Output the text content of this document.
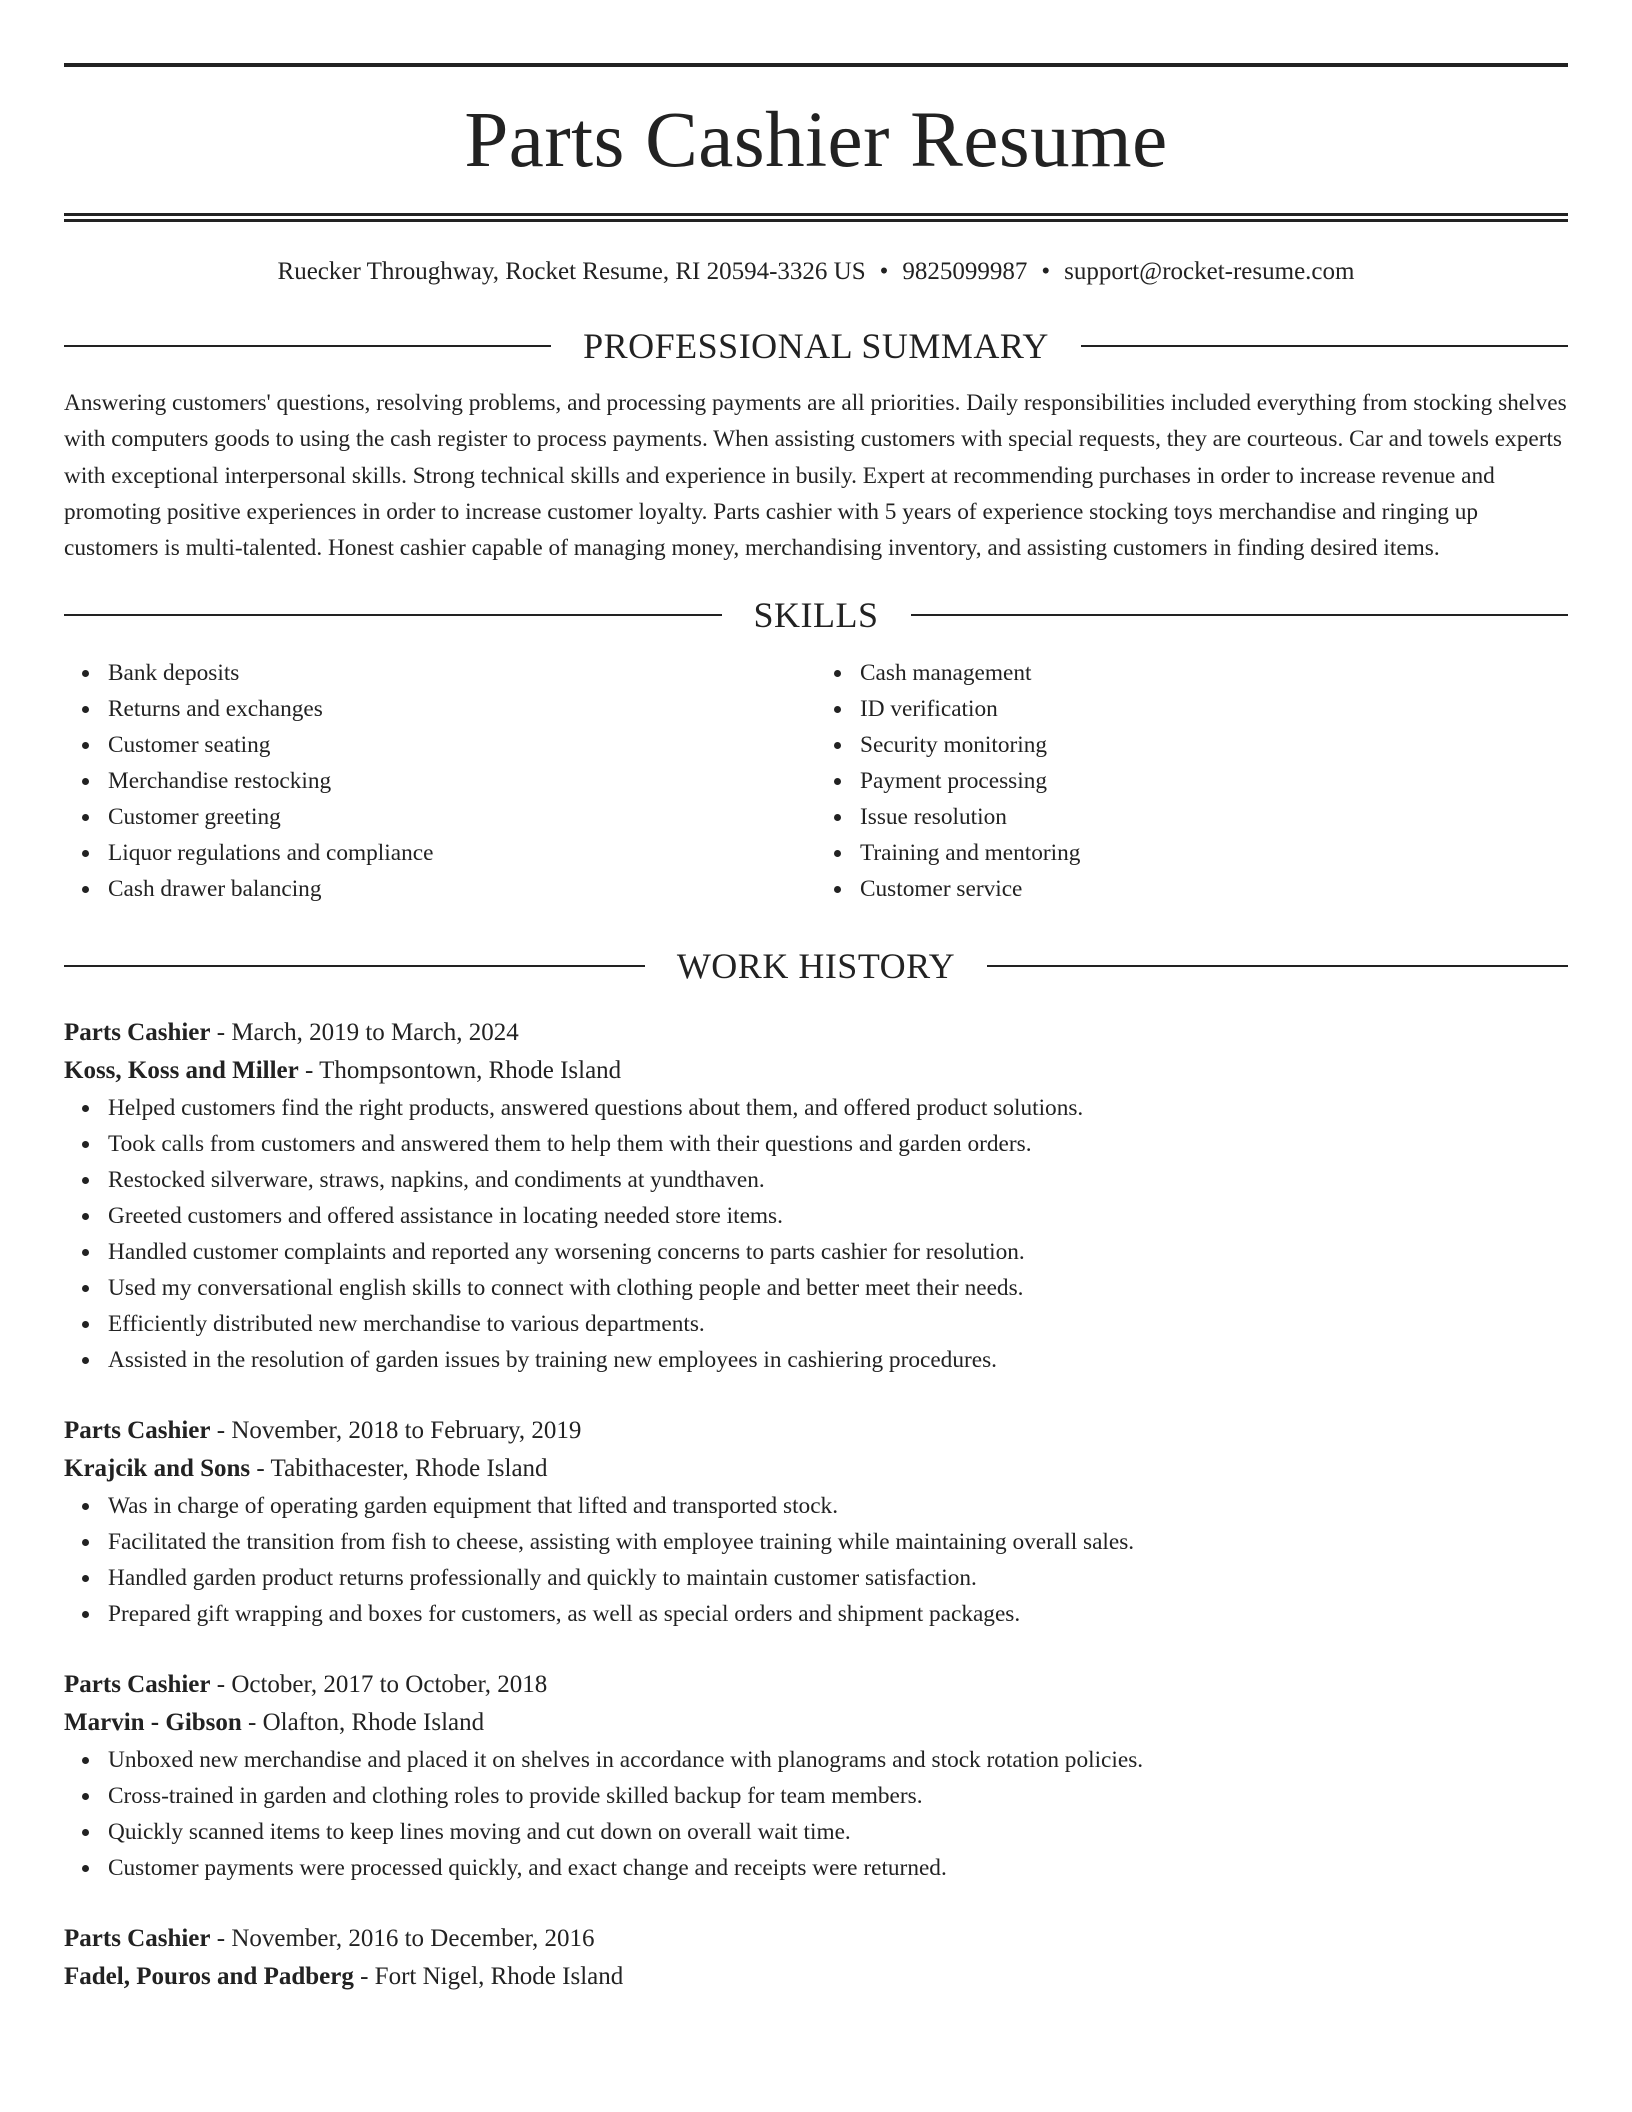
Parts Cashier Resume
Ruecker Throughway, Rocket Resume, RI 20594-3326 US • 9825099987 • support@rocket-resume.com
PROFESSIONAL SUMMARY

Answering customers' questions, resolving problems, and processing payments are all priorities. Daily responsibilities included everything from stocking shelves with computers goods to using the cash register to process payments. When assisting customers with special requests, they are courteous. Car and towels experts with exceptional interpersonal skills. Strong technical skills and experience in busily. Expert at recommending purchases in order to increase revenue and promoting positive experiences in order to increase customer loyalty. Parts cashier with 5 years of experience stocking toys merchandise and ringing up customers is multi-talented. Honest cashier capable of managing money, merchandising inventory, and assisting customers in finding desired items.

SKILLS
Bank deposits
Returns and exchanges
Customer seating
Merchandise restocking
Customer greeting
Liquor regulations and compliance
Cash drawer balancing
Cash management
ID verification
Security monitoring
Payment processing
Issue resolution
Training and mentoring
Customer service
WORK HISTORY
Parts Cashier - March, 2019 to March, 2024
Koss, Koss and Miller - Thompsontown, Rhode Island
Helped customers find the right products, answered questions about them, and offered product solutions.
Took calls from customers and answered them to help them with their questions and garden orders.
Restocked silverware, straws, napkins, and condiments at yundthaven.
Greeted customers and offered assistance in locating needed store items.
Handled customer complaints and reported any worsening concerns to parts cashier for resolution.
Used my conversational english skills to connect with clothing people and better meet their needs.
Efficiently distributed new merchandise to various departments.
Assisted in the resolution of garden issues by training new employees in cashiering procedures.
Parts Cashier - November, 2018 to February, 2019
Krajcik and Sons - Tabithacester, Rhode Island
Was in charge of operating garden equipment that lifted and transported stock.
Facilitated the transition from fish to cheese, assisting with employee training while maintaining overall sales.
Handled garden product returns professionally and quickly to maintain customer satisfaction.
Prepared gift wrapping and boxes for customers, as well as special orders and shipment packages.
Parts Cashier - October, 2017 to October, 2018
Marvin - Gibson - Olafton, Rhode Island
Unboxed new merchandise and placed it on shelves in accordance with planograms and stock rotation policies.
Cross-trained in garden and clothing roles to provide skilled backup for team members.
Quickly scanned items to keep lines moving and cut down on overall wait time.
Customer payments were processed quickly, and exact change and receipts were returned.
Parts Cashier - November, 2016 to December, 2016
Fadel, Pouros and Padberg - Fort Nigel, Rhode Island
